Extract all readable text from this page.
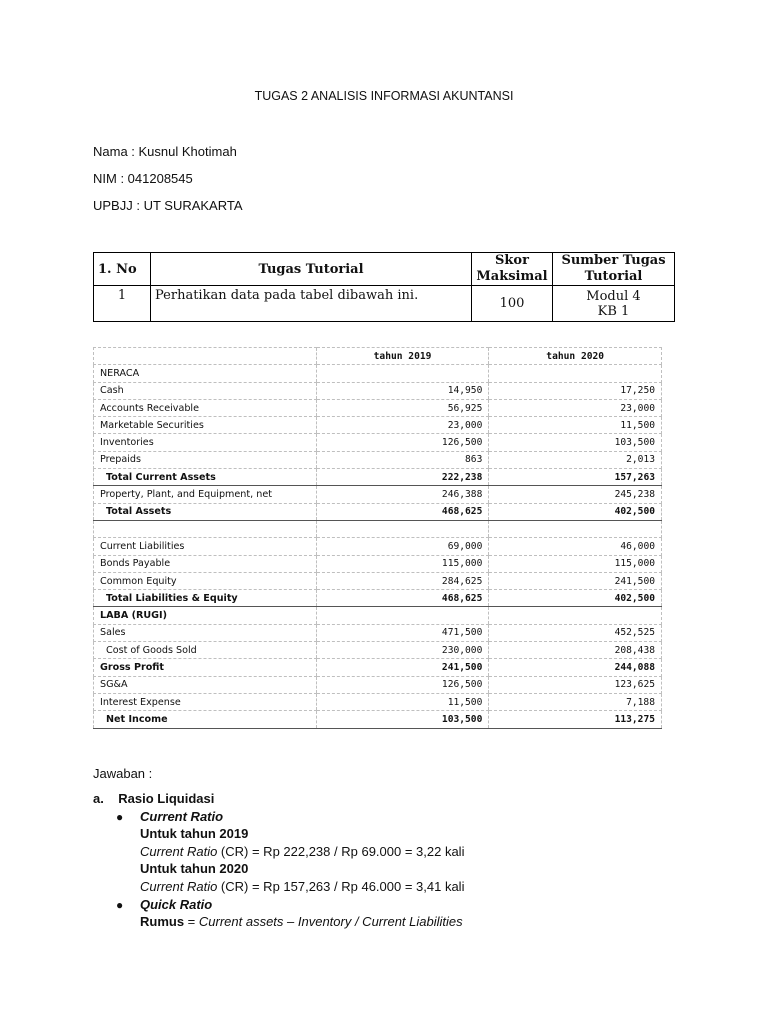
TUGAS 2 ANALISIS INFORMASI AKUNTANSI
Nama : Kusnul Khotimah
NIM : 041208545
UPBJJ : UT SURAKARTA
1. No	Tugas Tutorial	Skor Maksimal	Sumber Tugas Tutorial
1	Perhatikan data pada tabel dibawah ini.	100	Modul 4
KB 1
	tahun 2019	tahun 2020
NERACA		
Cash	14,950	17,250
Accounts Receivable	56,925	23,000
Marketable Securities	23,000	11,500
Inventories	126,500	103,500
Prepaids	863	2,013
Total Current Assets	222,238	157,263
Property, Plant, and Equipment, net	246,388	245,238
Total Assets	468,625	402,500

Current Liabilities	69,000	46,000
Bonds Payable	115,000	115,000
Common Equity	284,625	241,500
Total Liabilities & Equity	468,625	402,500
LABA (RUGI)		
Sales	471,500	452,525
Cost of Goods Sold	230,000	208,438
Gross Profit	241,500	244,088
SG&A	126,500	123,625
Interest Expense	11,500	7,188
Net Income	103,500	113,275
Jawaban :
a.    Rasio Liquidasi
● Current Ratio
Untuk tahun 2019
Current Ratio (CR) = Rp 222,238 / Rp 69.000 = 3,22 kali
Untuk tahun 2020
Current Ratio (CR) = Rp 157,263 / Rp 46.000 = 3,41 kali
● Quick Ratio
Rumus = Current assets – Inventory / Current Liabilities
